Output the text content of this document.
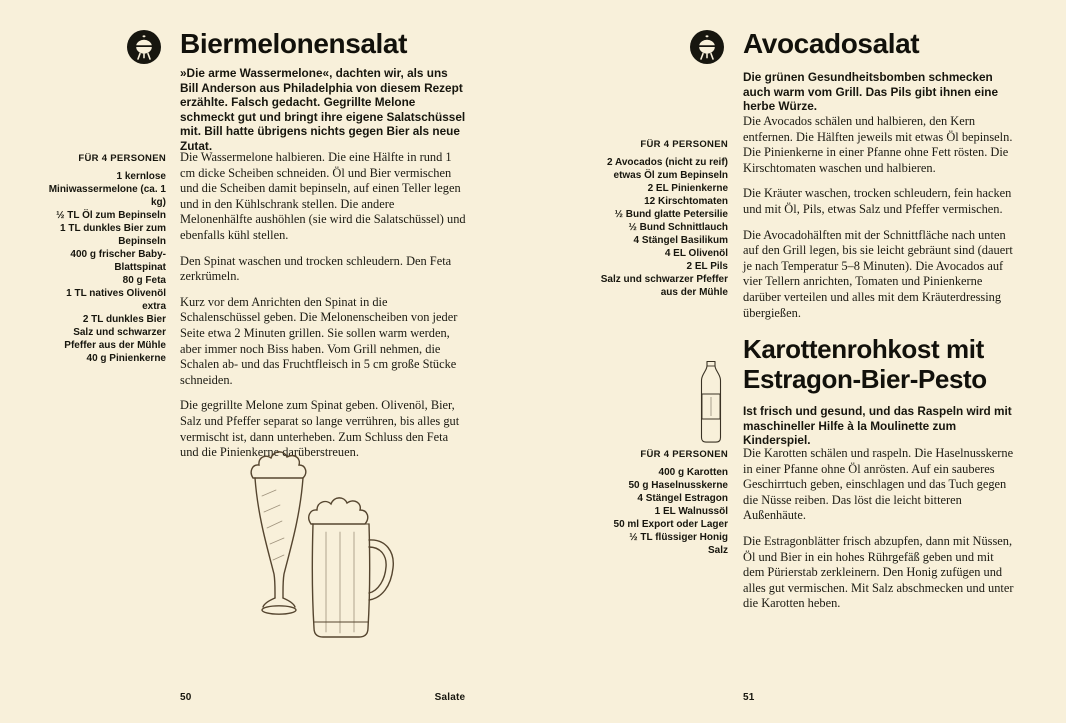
Biermelonensalat

»Die arme Wassermelone«, dachten wir, als uns Bill Anderson aus Philadelphia von diesem Rezept erzählte. Falsch gedacht. Gegrillte Melone schmeckt gut und bringt ihre eigene Salatschüssel mit. Bill hatte übrigens nichts gegen Bier als neue Zutat.

FÜR 4 PERSONEN
1 kernlose Miniwassermelone (ca. 1 kg)
½ TL Öl zum Bepinseln
1 TL dunkles Bier zum Bepinseln
400 g frischer Baby-Blattspinat
80 g Feta
1 TL natives Olivenöl extra
2 TL dunkles Bier
Salz und schwarzer Pfeffer aus der Mühle
40 g Pinienkerne

Die Wassermelone halbieren. Die eine Hälfte in rund 1 cm dicke Scheiben schneiden. Öl und Bier vermischen und die Scheiben damit bepinseln, auf einen Teller legen und in den Kühlschrank stellen. Die andere Melonenhälfte aushöhlen (sie wird die Salatschüssel) und ebenfalls kühl stellen.

Den Spinat waschen und trocken schleudern. Den Feta zerkrümeln.

Kurz vor dem Anrichten den Spinat in die Schalenschüssel geben. Die Melonenscheiben von jeder Seite etwa 2 Minuten grillen. Sie sollen warm werden, aber immer noch Biss haben. Vom Grill nehmen, die Schalen ab- und das Fruchtfleisch in 5 cm große Stücke schneiden.

Die gegrillte Melone zum Spinat geben. Olivenöl, Bier, Salz und Pfeffer separat so lange verrühren, bis alles gut vermischt ist, dann unterheben. Zum Schluss den Feta und die Pinienkerne darüberstreuen.

50	Salate
Avocadosalat

Die grünen Gesundheitsbomben schmecken auch warm vom Grill. Das Pils gibt ihnen eine herbe Würze.

FÜR 4 PERSONEN
2 Avocados (nicht zu reif)
etwas Öl zum Bepinseln
2 EL Pinienkerne
12 Kirschtomaten
½ Bund glatte Petersilie
½ Bund Schnittlauch
4 Stängel Basilikum
4 EL Olivenöl
2 EL Pils
Salz und schwarzer Pfeffer aus der Mühle

Die Avocados schälen und halbieren, den Kern entfernen. Die Hälften jeweils mit etwas Öl bepinseln. Die Pinienkerne in einer Pfanne ohne Fett rösten. Die Kirschtomaten waschen und halbieren.

Die Kräuter waschen, trocken schleudern, fein hacken und mit Öl, Pils, etwas Salz und Pfeffer vermischen.

Die Avocadohälften mit der Schnittfläche nach unten auf den Grill legen, bis sie leicht gebräunt sind (dauert je nach Temperatur 5–8 Minuten). Die Avocados auf vier Tellern anrichten, Tomaten und Pinienkerne darüber verteilen und alles mit dem Kräuterdressing übergießen.

Karottenrohkost mit Estragon-Bier-Pesto

Ist frisch und gesund, und das Raspeln wird mit maschineller Hilfe à la Moulinette zum Kinderspiel.

FÜR 4 PERSONEN
400 g Karotten
50 g Haselnusskerne
4 Stängel Estragon
1 EL Walnussöl
50 ml Export oder Lager
½ TL flüssiger Honig
Salz

Die Karotten schälen und raspeln. Die Haselnusskerne in einer Pfanne ohne Öl anrösten. Auf ein sauberes Geschirrtuch geben, einschlagen und das Tuch gegen die Nüsse reiben. Das löst die leicht bitteren Außenhäute.

Die Estragonblätter frisch abzupfen, dann mit Nüssen, Öl und Bier in ein hohes Rührgefäß geben und mit dem Pürierstab zerkleinern. Den Honig zufügen und alles gut vermischen. Mit Salz abschmecken und unter die Karotten heben.

51
